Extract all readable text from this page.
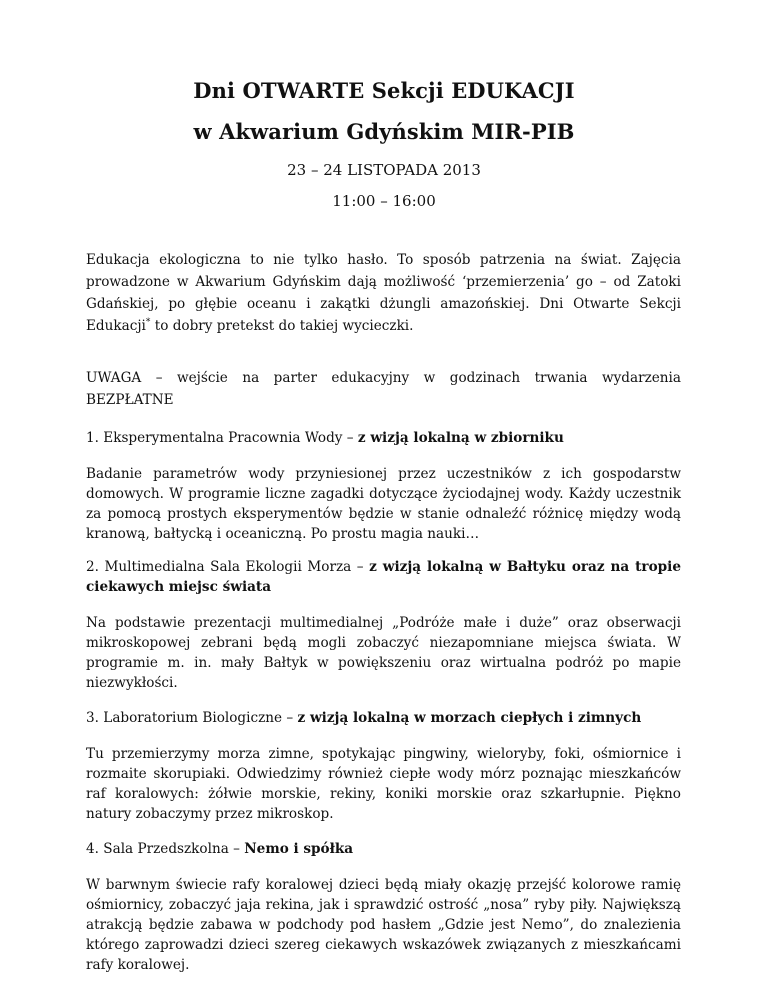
Dni OTWARTE Sekcji EDUKACJI
w Akwarium Gdyńskim MIR-PIB
23 – 24 LISTOPADA 2013
11:00 – 16:00
Edukacja ekologiczna to nie tylko hasło. To sposób patrzenia na świat. Zajęcia prowadzone w Akwarium Gdyńskim dają możliwość ‘przemierzenia’ go – od Zatoki Gdańskiej, po głębie oceanu i zakątki dżungli amazońskiej. Dni Otwarte Sekcji Edukacji* to dobry pretekst do takiej wycieczki.
UWAGA – wejście na parter edukacyjny w godzinach trwania wydarzenia BEZPŁATNE
1. Eksperymentalna Pracownia Wody – z wizją lokalną w zbiorniku
Badanie parametrów wody przyniesionej przez uczestników z ich gospodarstw domowych. W programie liczne zagadki dotyczące życiodajnej wody. Każdy uczestnik za pomocą prostych eksperymentów będzie w stanie odnaleźć różnicę między wodą kranową, bałtycką i oceaniczną. Po prostu magia nauki…
2. Multimedialna Sala Ekologii Morza – z wizją lokalną w Bałtyku oraz na tropie ciekawych miejsc świata
Na podstawie prezentacji multimedialnej „Podróże małe i duże” oraz obserwacji mikroskopowej zebrani będą mogli zobaczyć niezapomniane miejsca świata. W programie m. in. mały Bałtyk w powiększeniu oraz wirtualna podróż po mapie niezwykłości.
3. Laboratorium Biologiczne – z wizją lokalną w morzach ciepłych i zimnych
Tu przemierzymy morza zimne, spotykając pingwiny, wieloryby, foki, ośmiornice i rozmaite skorupiaki. Odwiedzimy również ciepłe wody mórz poznając mieszkańców raf koralowych: żółwie morskie, rekiny, koniki morskie oraz szkarłupnie. Piękno natury zobaczymy przez mikroskop.
4. Sala Przedszkolna – Nemo i spółka
W barwnym świecie rafy koralowej dzieci będą miały okazję przejść kolorowe ramię ośmiornicy, zobaczyć jaja rekina, jak i sprawdzić ostrość „nosa” ryby piły. Największą atrakcją będzie zabawa w podchody pod hasłem „Gdzie jest Nemo”, do znalezienia którego zaprowadzi dzieci szereg ciekawych wskazówek związanych z mieszkańcami rafy koralowej.
